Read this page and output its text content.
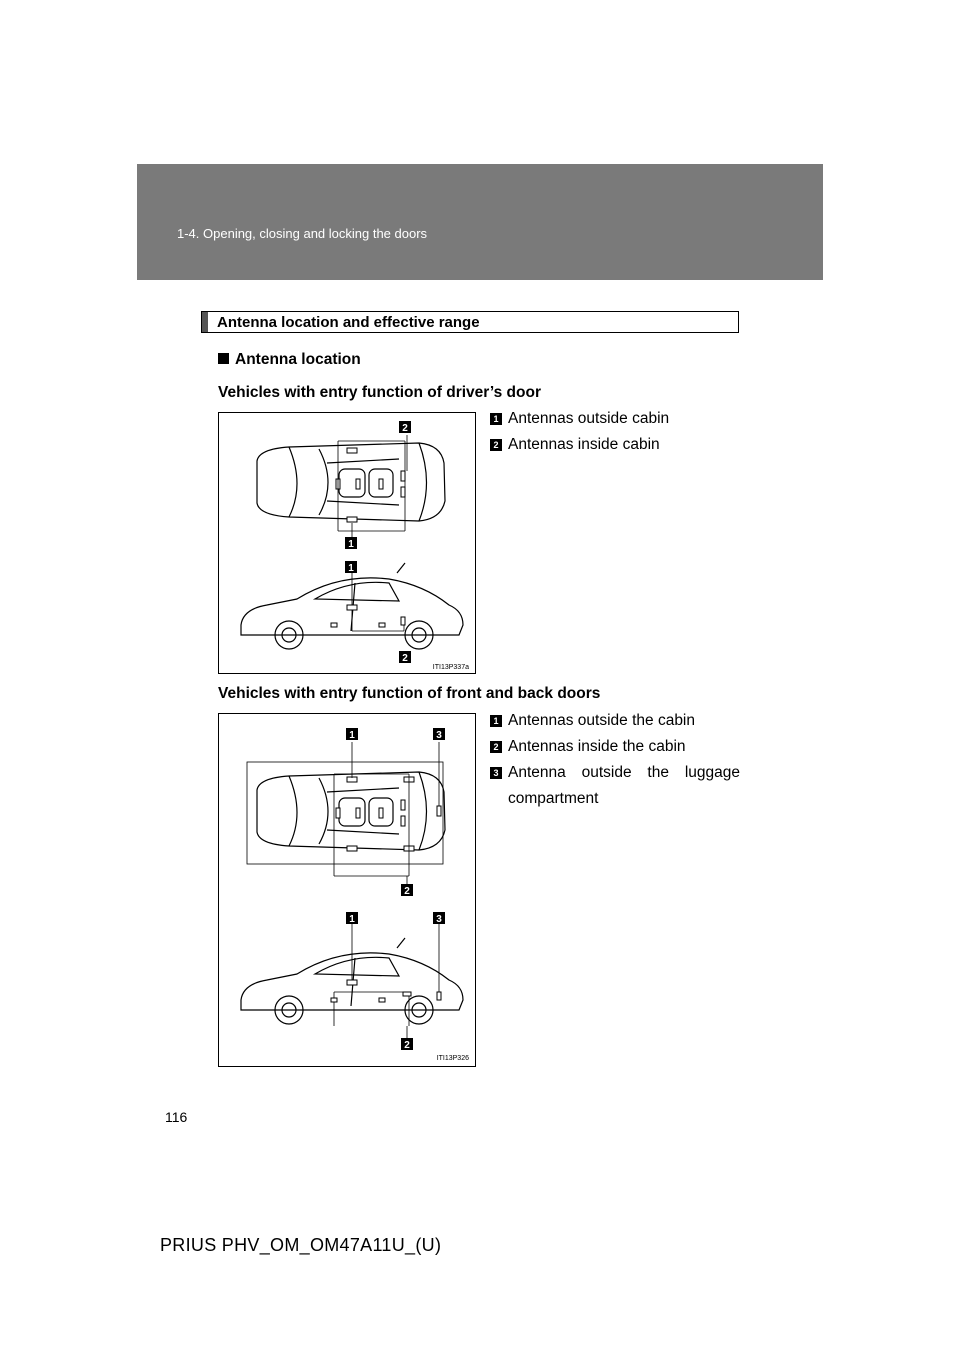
1-4. Opening, closing and locking the doors
Antenna location and effective range
Antenna location
Vehicles with entry function of driver’s door
2
1
1
2
ITI13P337a
1 Antennas outside cabin
2 Antennas inside cabin
Vehicles with entry function of front and back doors
1	3
2
1	3
2
ITI13P326
1 Antennas outside the cabin
2 Antennas inside the cabin
3 Antenna outside the luggage compartment
116
PRIUS PHV_OM_OM47A11U_(U)
